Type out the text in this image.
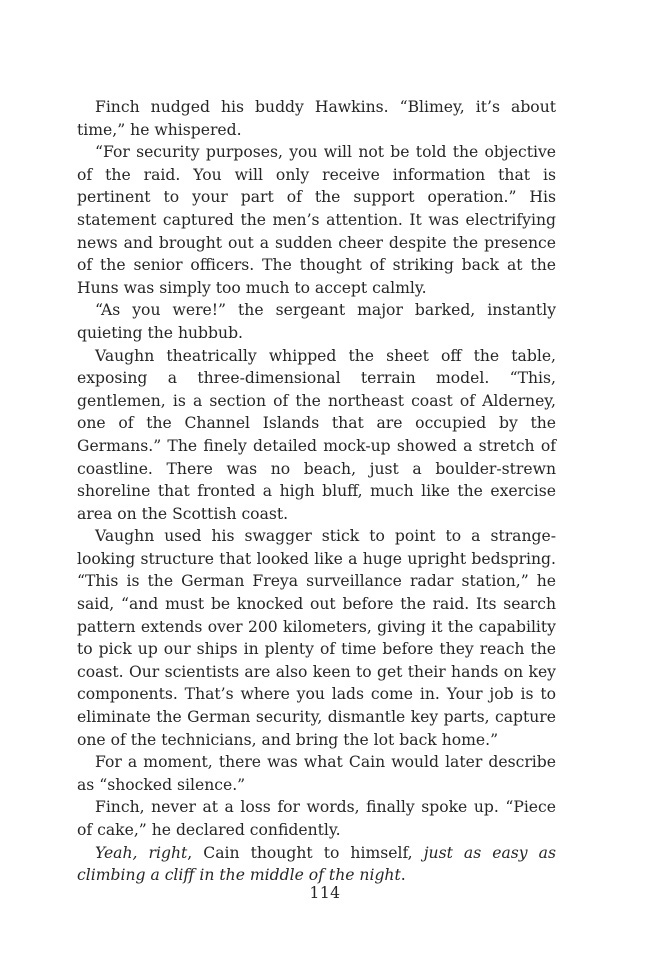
Finch nudged his buddy Hawkins. “Blimey, it’s about time,” he whispered.

“For security purposes, you will not be told the objective of the raid. You will only receive information that is pertinent to your part of the support operation.” His statement captured the men’s attention. It was electrifying news and brought out a sudden cheer despite the presence of the senior officers. The thought of striking back at the Huns was simply too much to accept calmly.

“As you were!” the sergeant major barked, instantly quieting the hubbub.

Vaughn theatrically whipped the sheet off the table, exposing a three-dimensional terrain model. “This, gentlemen, is a section of the northeast coast of Alderney, one of the Channel Islands that are occupied by the Germans.” The finely detailed mock-up showed a stretch of coastline. There was no beach, just a boulder-strewn shoreline that fronted a high bluff, much like the exercise area on the Scottish coast.

Vaughn used his swagger stick to point to a strange-looking structure that looked like a huge upright bedspring. “This is the German Freya surveillance radar station,” he said, “and must be knocked out before the raid. Its search pattern extends over 200 kilometers, giving it the capability to pick up our ships in plenty of time before they reach the coast. Our scientists are also keen to get their hands on key components. That’s where you lads come in. Your job is to eliminate the German security, dismantle key parts, capture one of the technicians, and bring the lot back home.”

For a moment, there was what Cain would later describe as “shocked silence.”

Finch, never at a loss for words, finally spoke up. “Piece of cake,” he declared confidently.

Yeah, right, Cain thought to himself, just as easy as climbing a cliff in the middle of the night.

114
